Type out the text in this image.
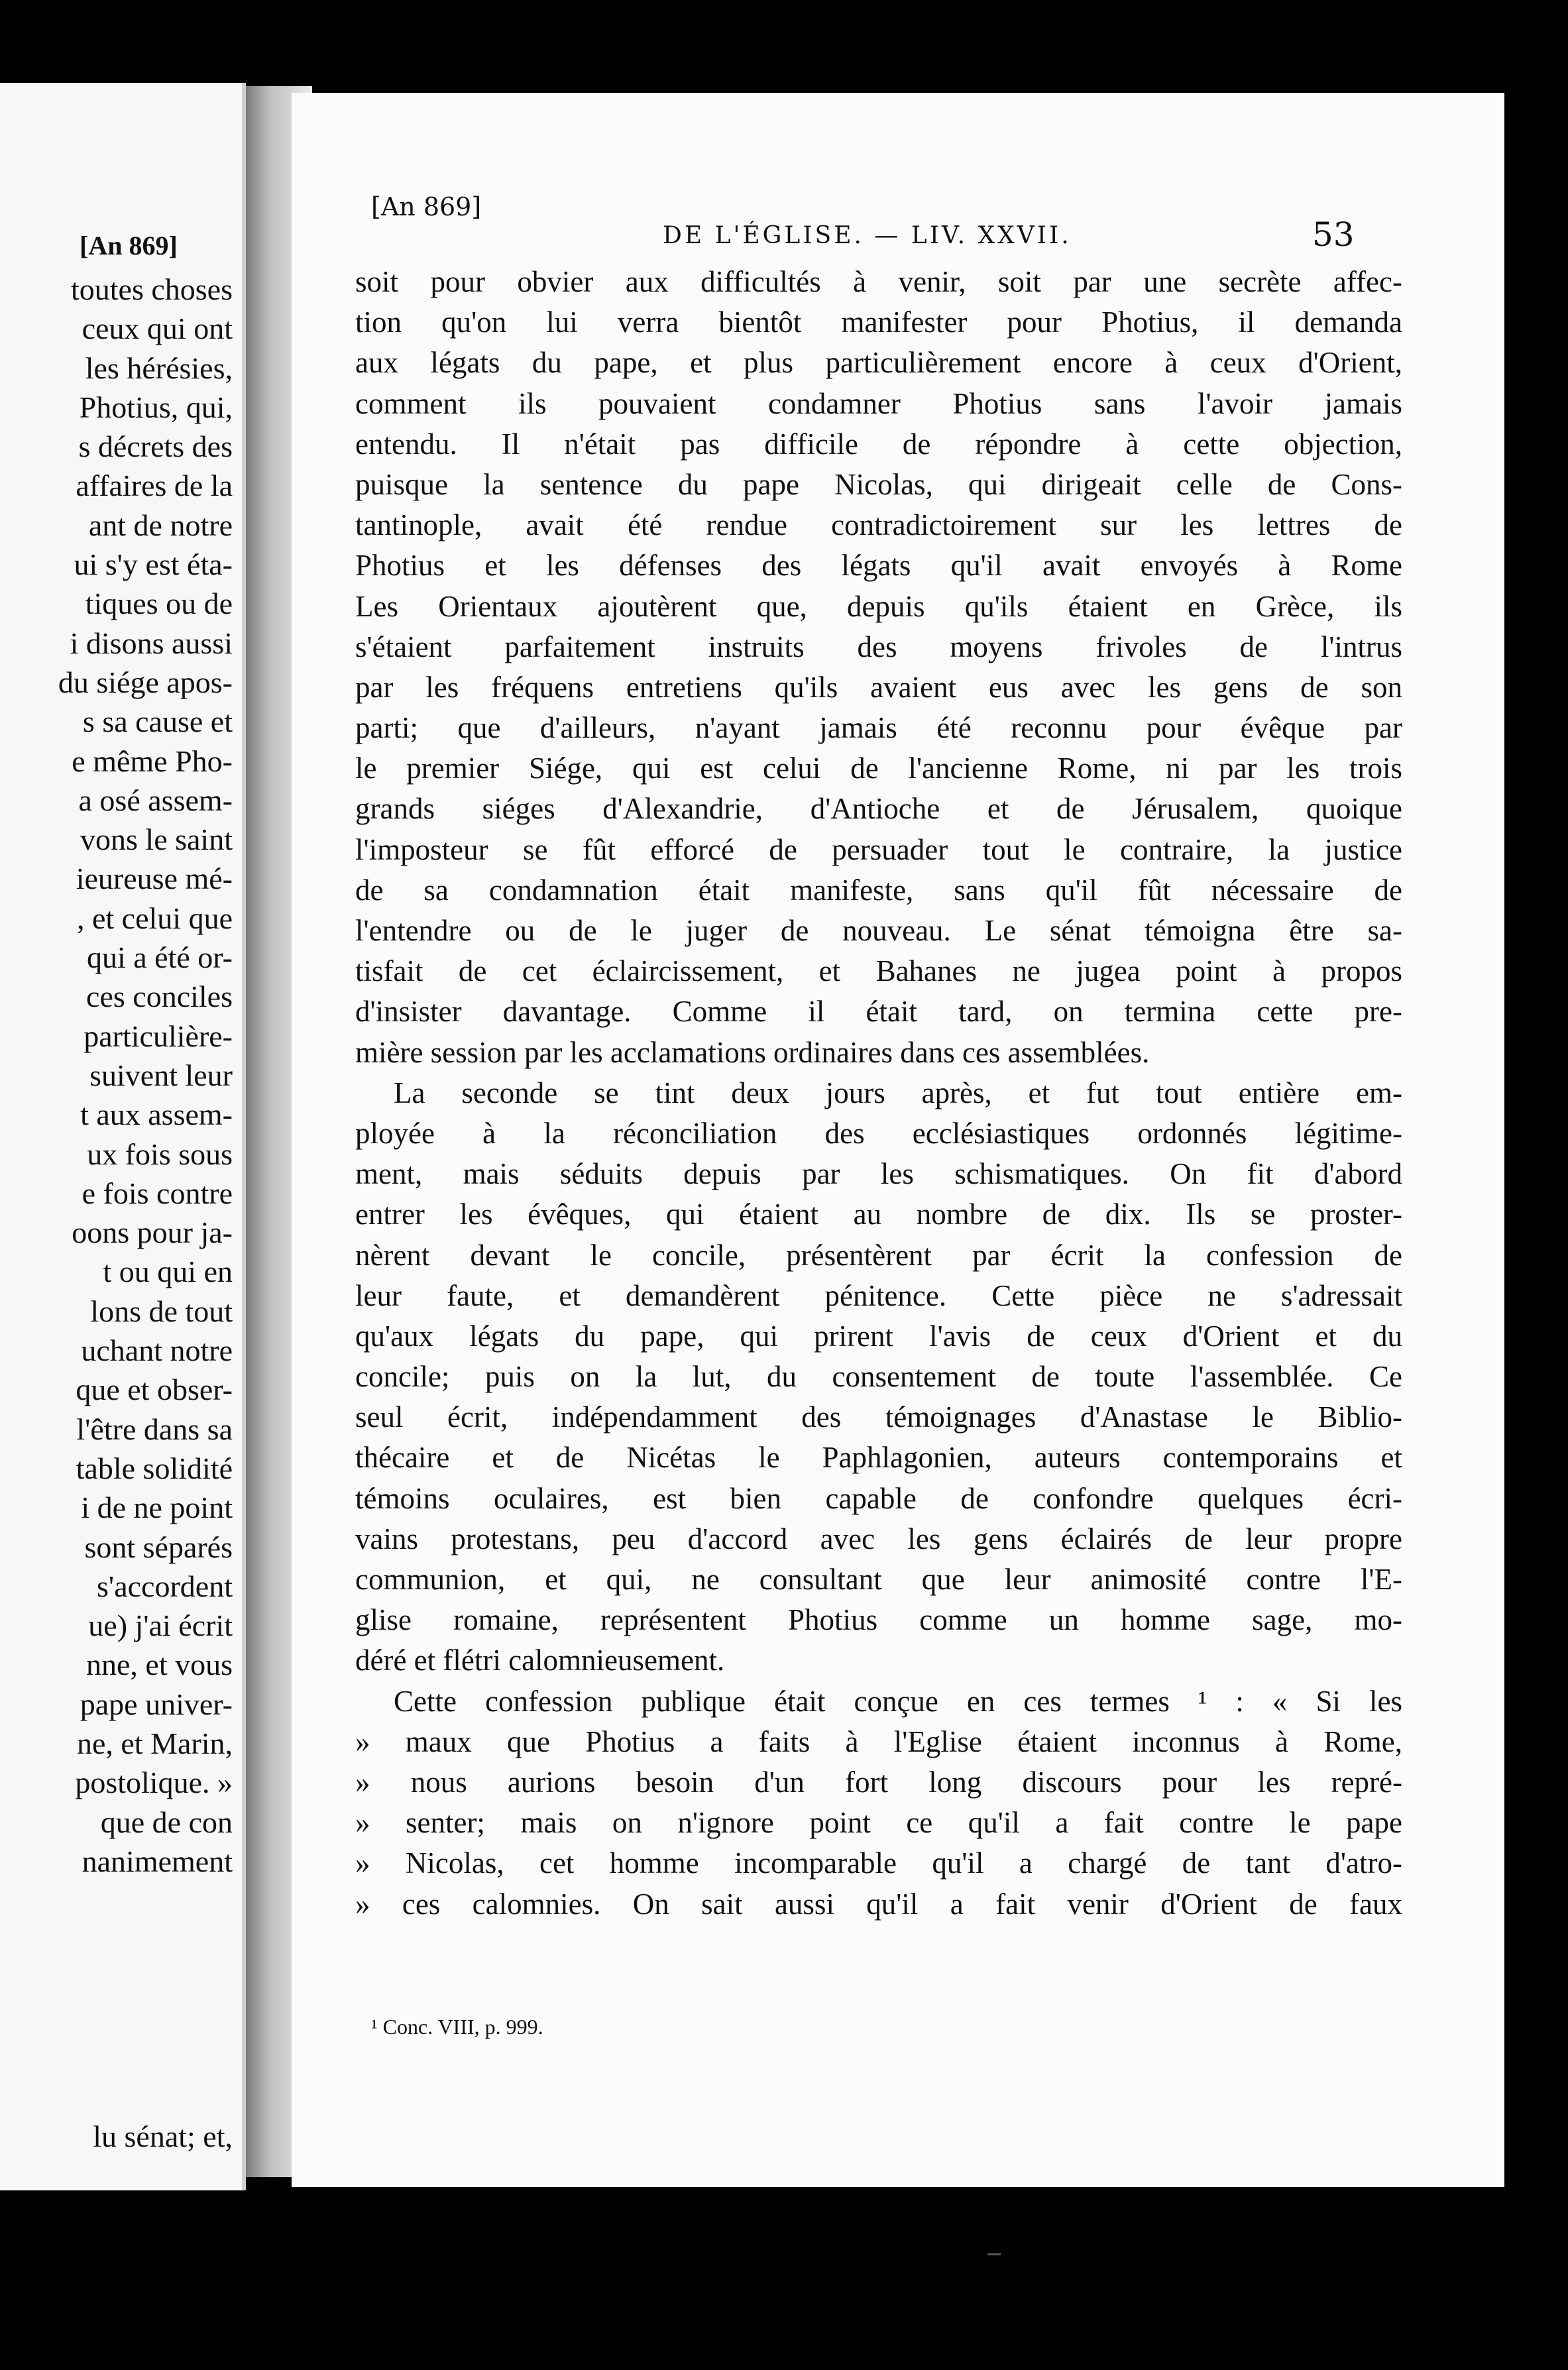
[An 869]
toutes choses
ceux qui ont
les hérésies,
Photius, qui,
s décrets des
affaires de la
ant de notre
ui s'y est éta-
tiques ou de
i disons aussi
du siége apos-
s sa cause et
e même Pho-
a osé assem-
vons le saint
ieureuse mé-
, et celui que
qui a été or-
ces conciles
particulière-
suivent leur
t aux assem-
ux fois sous
e fois contre
oons pour ja-
t ou qui en
lons de tout
uchant notre
que et obser-
l'être dans sa
table solidité
i de ne point
sont séparés
s'accordent
ue) j'ai écrit
nne, et vous
pape univer-
ne, et Marin,
postolique. »
que de con
nanimement
lu sénat; et,
[An 869]
DE L'ÉGLISE. — LIV. XXVII.	53
soit pour obvier aux difficultés à venir, soit par une secrète affec-
tion qu'on lui verra bientôt manifester pour Photius, il demanda
aux légats du pape, et plus particulièrement encore à ceux d'Orient,
comment ils pouvaient condamner Photius sans l'avoir jamais
entendu. Il n'était pas difficile de répondre à cette objection,
puisque la sentence du pape Nicolas, qui dirigeait celle de Cons-
tantinople, avait été rendue contradictoirement sur les lettres de
Photius et les défenses des légats qu'il avait envoyés à Rome
Les Orientaux ajoutèrent que, depuis qu'ils étaient en Grèce, ils
s'étaient parfaitement instruits des moyens frivoles de l'intrus
par les fréquens entretiens qu'ils avaient eus avec les gens de son
parti; que d'ailleurs, n'ayant jamais été reconnu pour évêque par
le premier Siége, qui est celui de l'ancienne Rome, ni par les trois
grands siéges d'Alexandrie, d'Antioche et de Jérusalem, quoique
l'imposteur se fût efforcé de persuader tout le contraire, la justice
de sa condamnation était manifeste, sans qu'il fût nécessaire de
l'entendre ou de le juger de nouveau. Le sénat témoigna être sa-
tisfait de cet éclaircissement, et Bahanes ne jugea point à propos
d'insister davantage. Comme il était tard, on termina cette pre-
mière session par les acclamations ordinaires dans ces assemblées.
La seconde se tint deux jours après, et fut tout entière em-
ployée à la réconciliation des ecclésiastiques ordonnés légitime-
ment, mais séduits depuis par les schismatiques. On fit d'abord
entrer les évêques, qui étaient au nombre de dix. Ils se proster-
nèrent devant le concile, présentèrent par écrit la confession de
leur faute, et demandèrent pénitence. Cette pièce ne s'adressait
qu'aux légats du pape, qui prirent l'avis de ceux d'Orient et du
concile; puis on la lut, du consentement de toute l'assemblée. Ce
seul écrit, indépendamment des témoignages d'Anastase le Biblio-
thécaire et de Nicétas le Paphlagonien, auteurs contemporains et
témoins oculaires, est bien capable de confondre quelques écri-
vains protestans, peu d'accord avec les gens éclairés de leur propre
communion, et qui, ne consultant que leur animosité contre l'E-
glise romaine, représentent Photius comme un homme sage, mo-
déré et flétri calomnieusement.
Cette confession publique était conçue en ces termes ¹ : « Si les
» maux que Photius a faits à l'Eglise étaient inconnus à Rome,
» nous aurions besoin d'un fort long discours pour les repré-
» senter; mais on n'ignore point ce qu'il a fait contre le pape
» Nicolas, cet homme incomparable qu'il a chargé de tant d'atro-
» ces calomnies. On sait aussi qu'il a fait venir d'Orient de faux
¹ Conc. VIII, p. 999.
